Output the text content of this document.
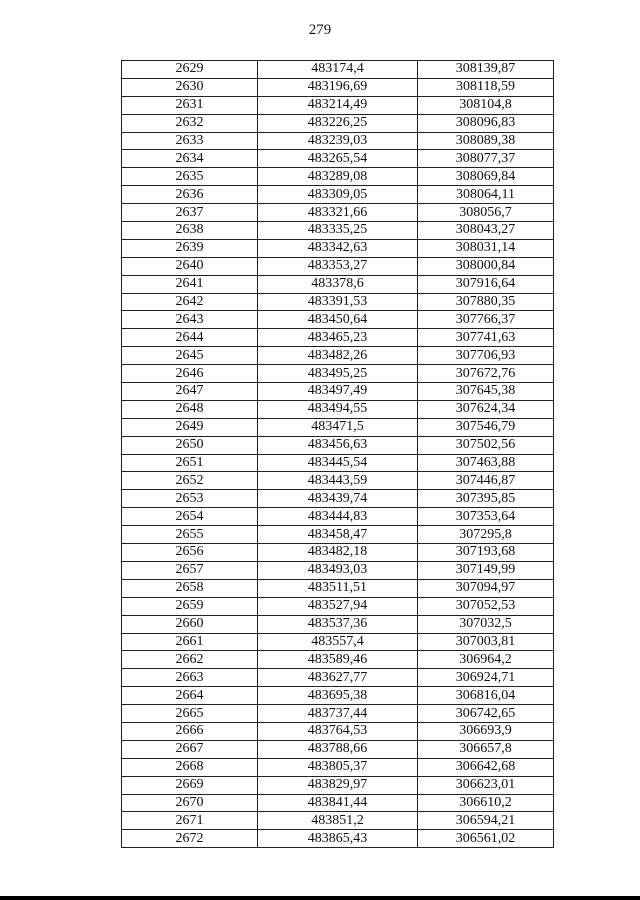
279
2629	483174,4	308139,87
2630	483196,69	308118,59
2631	483214,49	308104,8
2632	483226,25	308096,83
2633	483239,03	308089,38
2634	483265,54	308077,37
2635	483289,08	308069,84
2636	483309,05	308064,11
2637	483321,66	308056,7
2638	483335,25	308043,27
2639	483342,63	308031,14
2640	483353,27	308000,84
2641	483378,6	307916,64
2642	483391,53	307880,35
2643	483450,64	307766,37
2644	483465,23	307741,63
2645	483482,26	307706,93
2646	483495,25	307672,76
2647	483497,49	307645,38
2648	483494,55	307624,34
2649	483471,5	307546,79
2650	483456,63	307502,56
2651	483445,54	307463,88
2652	483443,59	307446,87
2653	483439,74	307395,85
2654	483444,83	307353,64
2655	483458,47	307295,8
2656	483482,18	307193,68
2657	483493,03	307149,99
2658	483511,51	307094,97
2659	483527,94	307052,53
2660	483537,36	307032,5
2661	483557,4	307003,81
2662	483589,46	306964,2
2663	483627,77	306924,71
2664	483695,38	306816,04
2665	483737,44	306742,65
2666	483764,53	306693,9
2667	483788,66	306657,8
2668	483805,37	306642,68
2669	483829,97	306623,01
2670	483841,44	306610,2
2671	483851,2	306594,21
2672	483865,43	306561,02
